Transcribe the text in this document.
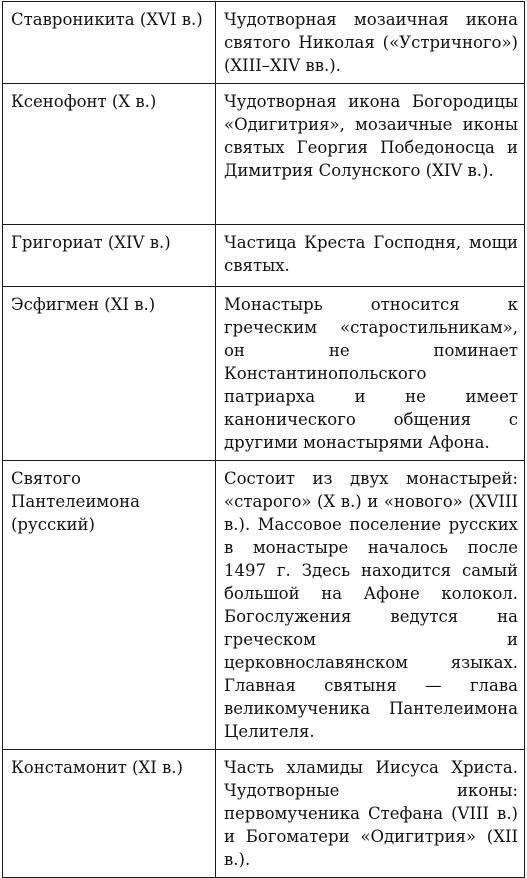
Ставроникита (XVI в.)	Чудотворная мозаичная икона святого Николая («Устричного») (XIII–XIV вв.).

Ксенофонт (X в.)	Чудотворная икона Богородицы «Одигитрия», мозаичные иконы святых Георгия Победоносца и Димитрия Солунского (XIV в.).

Григориат (XIV в.)	Частица Креста Господня, мощи святых.

Эсфигмен (XI в.)	Монастырь относится к греческим «старостильникам», он не поминает Константинопольского патриарха и не имеет канонического общения с другими монастырями Афона.

Святого Пантелеимона (русский)	Состоит из двух монастырей: «старого» (X в.) и «нового» (XVIII в.). Массовое поселение русских в монастыре началось после 1497 г. Здесь находится самый большой на Афоне колокол. Богослужения ведутся на греческом и церковнославянском языках. Главная святыня — глава великомученика Пантелеимона Целителя.

Констамонит (XI в.)	Часть хламиды Иисуса Христа. Чудотворные иконы: первомученика Стефана (VIII в.) и Богоматери «Одигитрия» (XII в.).
